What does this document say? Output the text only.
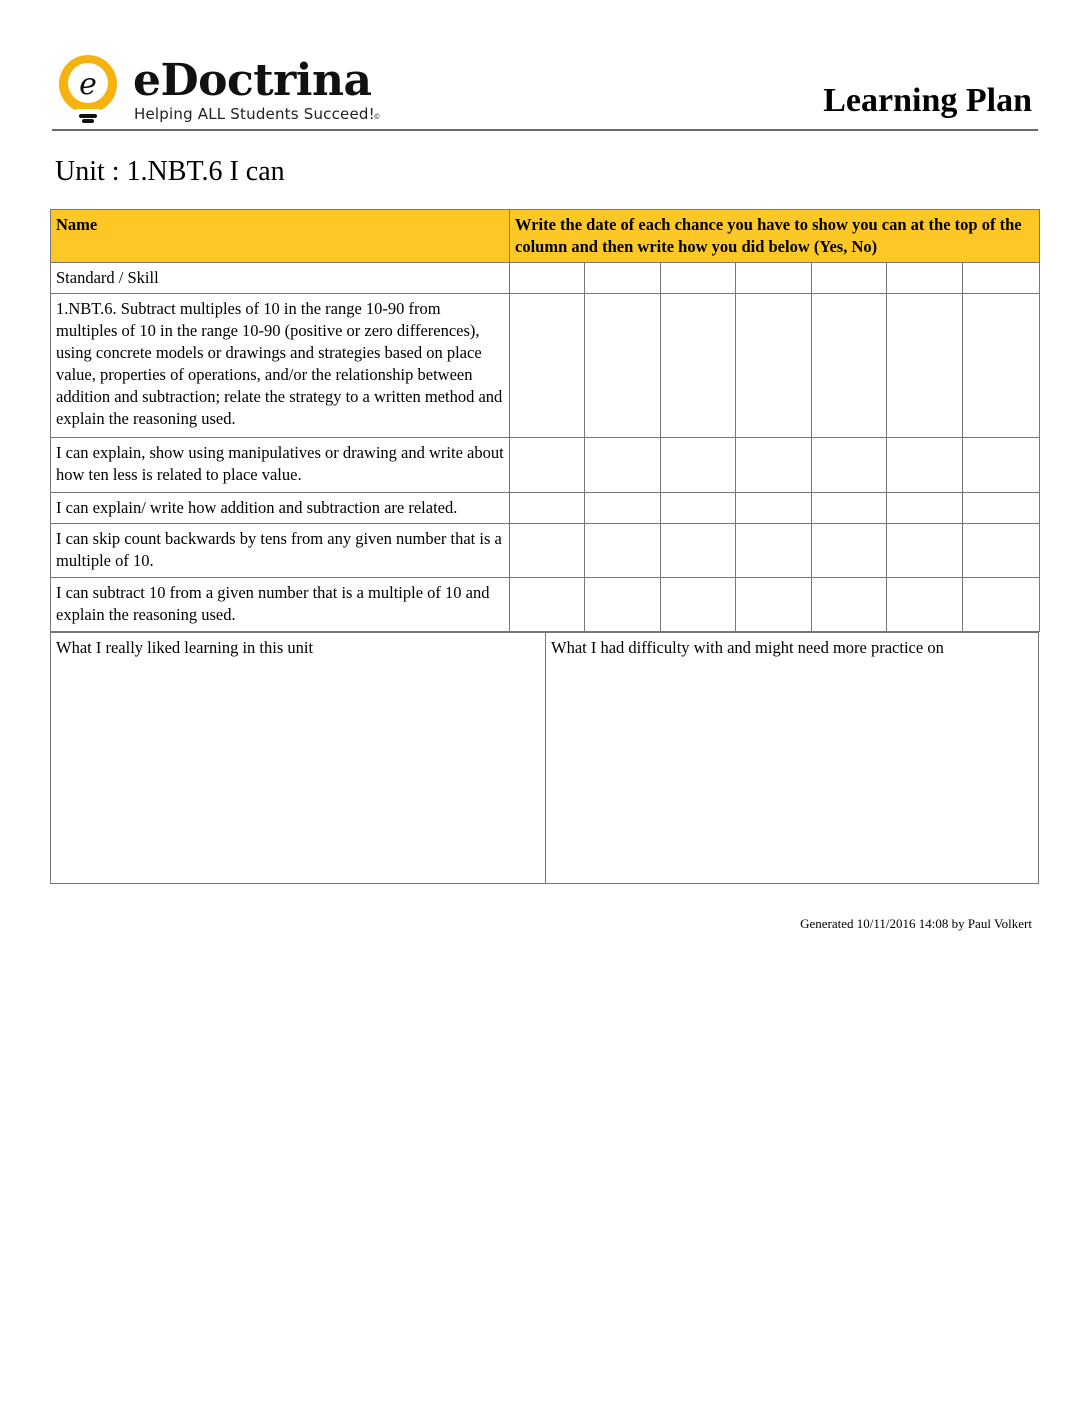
e eDoctrina©
Helping ALL Students Succeed!	Learning Plan
Unit : 1.NBT.6 I can
Name	Write the date of each chance you have to show you can at the top of the column and then write how you did below (Yes, No)						
Standard / Skill							
1.NBT.6. Subtract multiples of 10 in the range 10-90 from multiples of 10 in the range 10-90 (positive or zero differences), using concrete models or drawings and strategies based on place value, properties of operations, and/or the relationship between addition and subtraction; relate the strategy to a written method and explain the reasoning used.							
I can explain, show using manipulatives or drawing and write about how ten less is related to place value.							
I can explain/ write how addition and subtraction are related.							
I can skip count backwards by tens from any given number that is a multiple of 10.							
I can subtract 10 from a given number that is a multiple of 10 and explain the reasoning used.							
What I really liked learning in this unit	What I had difficulty with and might need more practice on
Generated 10/11/2016 14:08 by Paul Volkert
